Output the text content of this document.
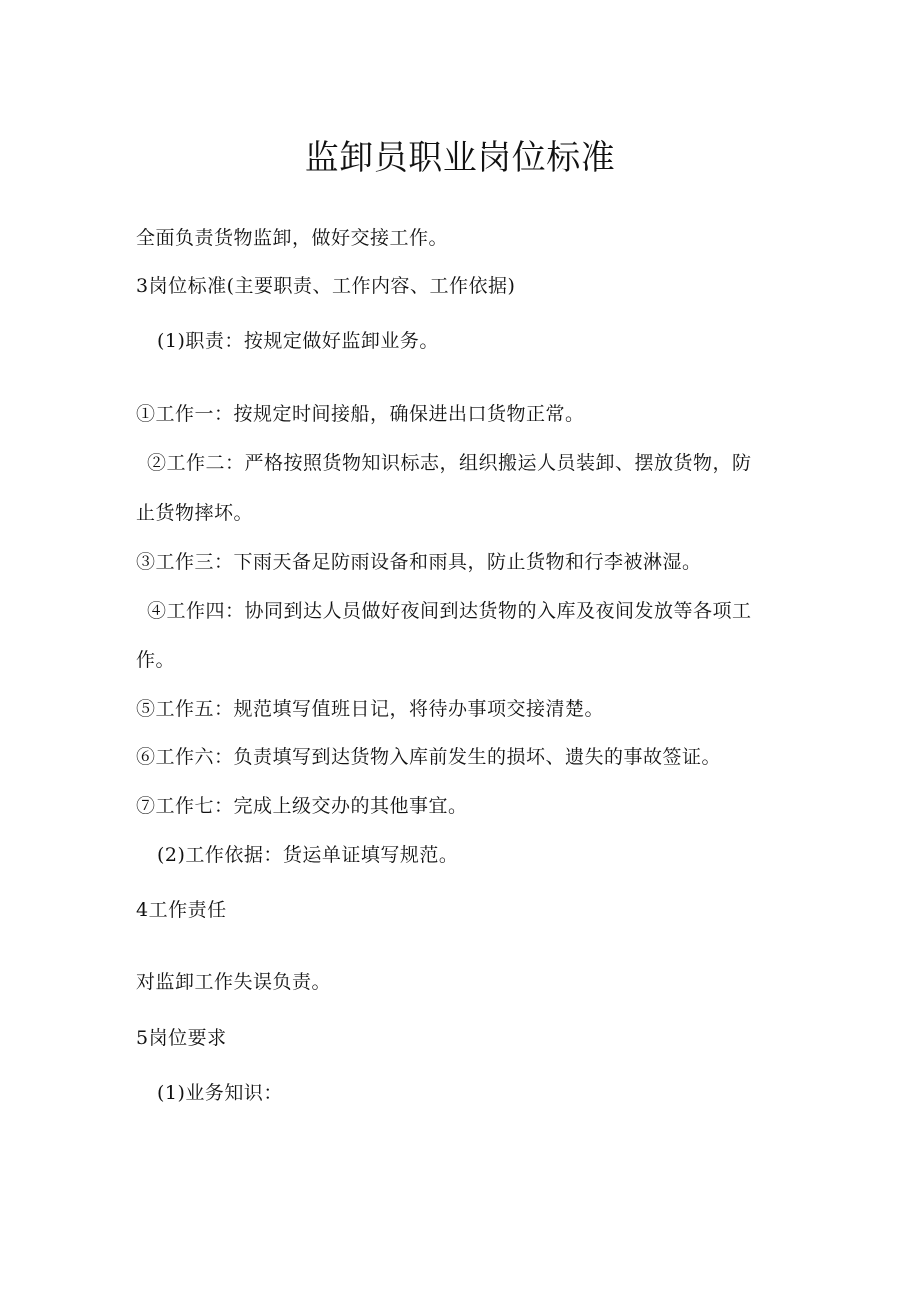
监卸员职业岗位标准
全面负责货物监卸，做好交接工作。
3岗位标准(主要职责、工作内容、工作依据)
(1)职责：按规定做好监卸业务。
①工作一：按规定时间接船，确保进出口货物正常。
②工作二：严格按照货物知识标志，组织搬运人员装卸、摆放货物，防
止货物摔坏。
③工作三：下雨天备足防雨设备和雨具，防止货物和行李被淋湿。
④工作四：协同到达人员做好夜间到达货物的入库及夜间发放等各项工
作。
⑤工作五：规范填写值班日记，将待办事项交接清楚。
⑥工作六：负责填写到达货物入库前发生的损坏、遗失的事故签证。
⑦工作七：完成上级交办的其他事宜。
(2)工作依据：货运单证填写规范。
4工作责任
对监卸工作失误负责。
5岗位要求
(1)业务知识：
